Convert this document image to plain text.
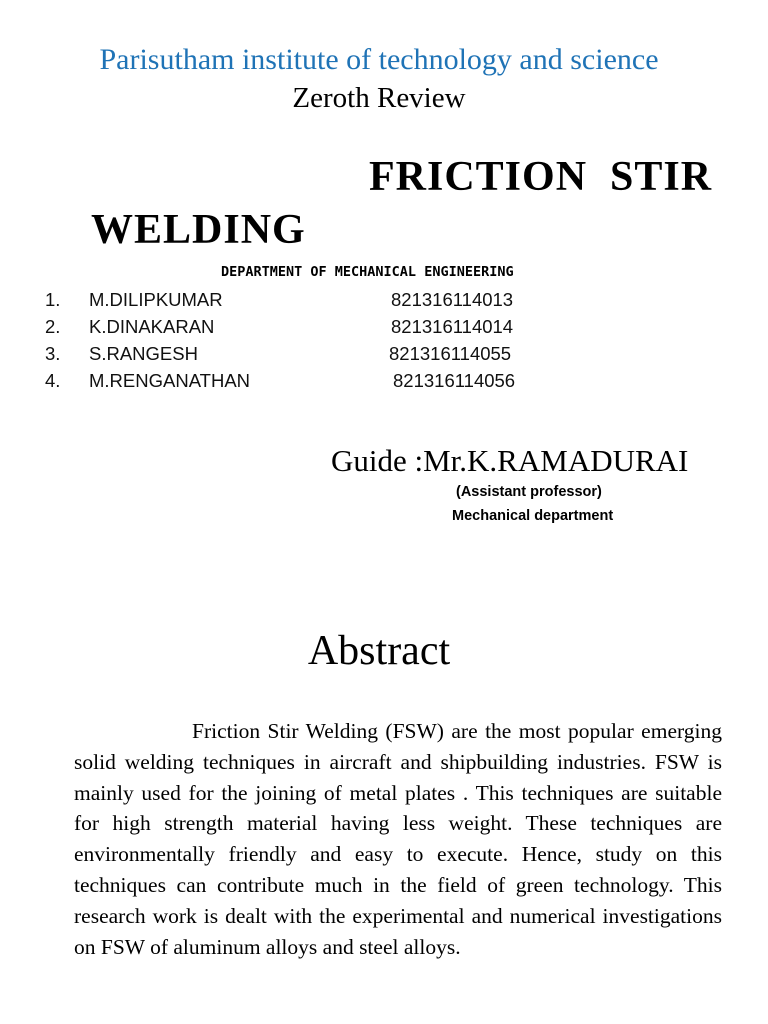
Parisutham institute of technology and science
Zeroth Review
FRICTION  STIR
WELDING
DEPARTMENT OF MECHANICAL ENGINEERING
1. M.DILIPKUMAR	821316114013
2. K.DINAKARAN	821316114014
3. S.RANGESH	821316114055
4. M.RENGANATHAN	821316114056
Guide :Mr.K.RAMADURAI
(Assistant professor)
Mechanical department
Abstract

Friction Stir Welding (FSW) are the most popular emerging solid welding techniques in aircraft and shipbuilding industries. FSW is mainly used for the joining of metal plates . This techniques are suitable for high strength material having less weight. These techniques are environmentally friendly and easy to execute. Hence, study on this techniques can contribute much in the field of green technology. This research work is dealt with the experimental and numerical investigations on FSW of aluminum alloys and steel alloys.
